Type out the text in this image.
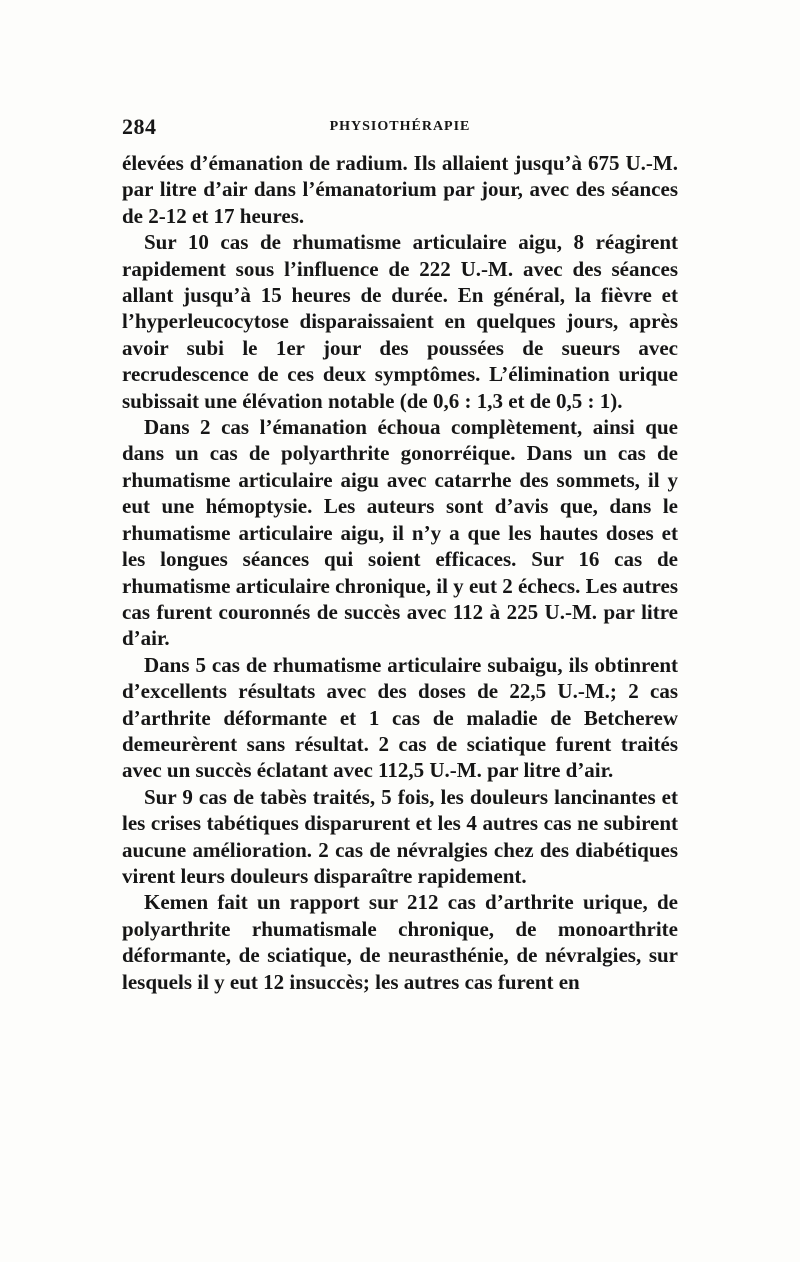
284	PHYSIOTHÉRAPIE

élevées d’émanation de radium. Ils allaient jusqu’à 675 U.-M. par litre d’air dans l’émanatorium par jour, avec des séances de 2-12 et 17 heures.

Sur 10 cas de rhumatisme articulaire aigu, 8 réagirent rapidement sous l’influence de 222 U.-M. avec des séances allant jusqu’à 15 heures de durée. En général, la fièvre et l’hyperleucocytose disparaissaient en quelques jours, après avoir subi le 1er jour des poussées de sueurs avec recrudescence de ces deux symptômes. L’élimination urique subissait une élévation notable (de 0,6 : 1,3 et de 0,5 : 1).

Dans 2 cas l’émanation échoua complètement, ainsi que dans un cas de polyarthrite gonorréique. Dans un cas de rhumatisme articulaire aigu avec catarrhe des sommets, il y eut une hémoptysie. Les auteurs sont d’avis que, dans le rhumatisme articulaire aigu, il n’y a que les hautes doses et les longues séances qui soient efficaces. Sur 16 cas de rhumatisme articulaire chronique, il y eut 2 échecs. Les autres cas furent couronnés de succès avec 112 à 225 U.-M. par litre d’air.

Dans 5 cas de rhumatisme articulaire subaigu, ils obtinrent d’excellents résultats avec des doses de 22,5 U.-M.; 2 cas d’arthrite déformante et 1 cas de maladie de Betcherew demeurèrent sans résultat. 2 cas de sciatique furent traités avec un succès éclatant avec 112,5 U.-M. par litre d’air.

Sur 9 cas de tabès traités, 5 fois, les douleurs lancinantes et les crises tabétiques disparurent et les 4 autres cas ne subirent aucune amélioration. 2 cas de névralgies chez des diabétiques virent leurs douleurs disparaître rapidement.

Kemen fait un rapport sur 212 cas d’arthrite urique, de polyarthrite rhumatismale chronique, de monoarthrite déformante, de sciatique, de neurasthénie, de névralgies, sur lesquels il y eut 12 insuccès; les autres cas furent en
